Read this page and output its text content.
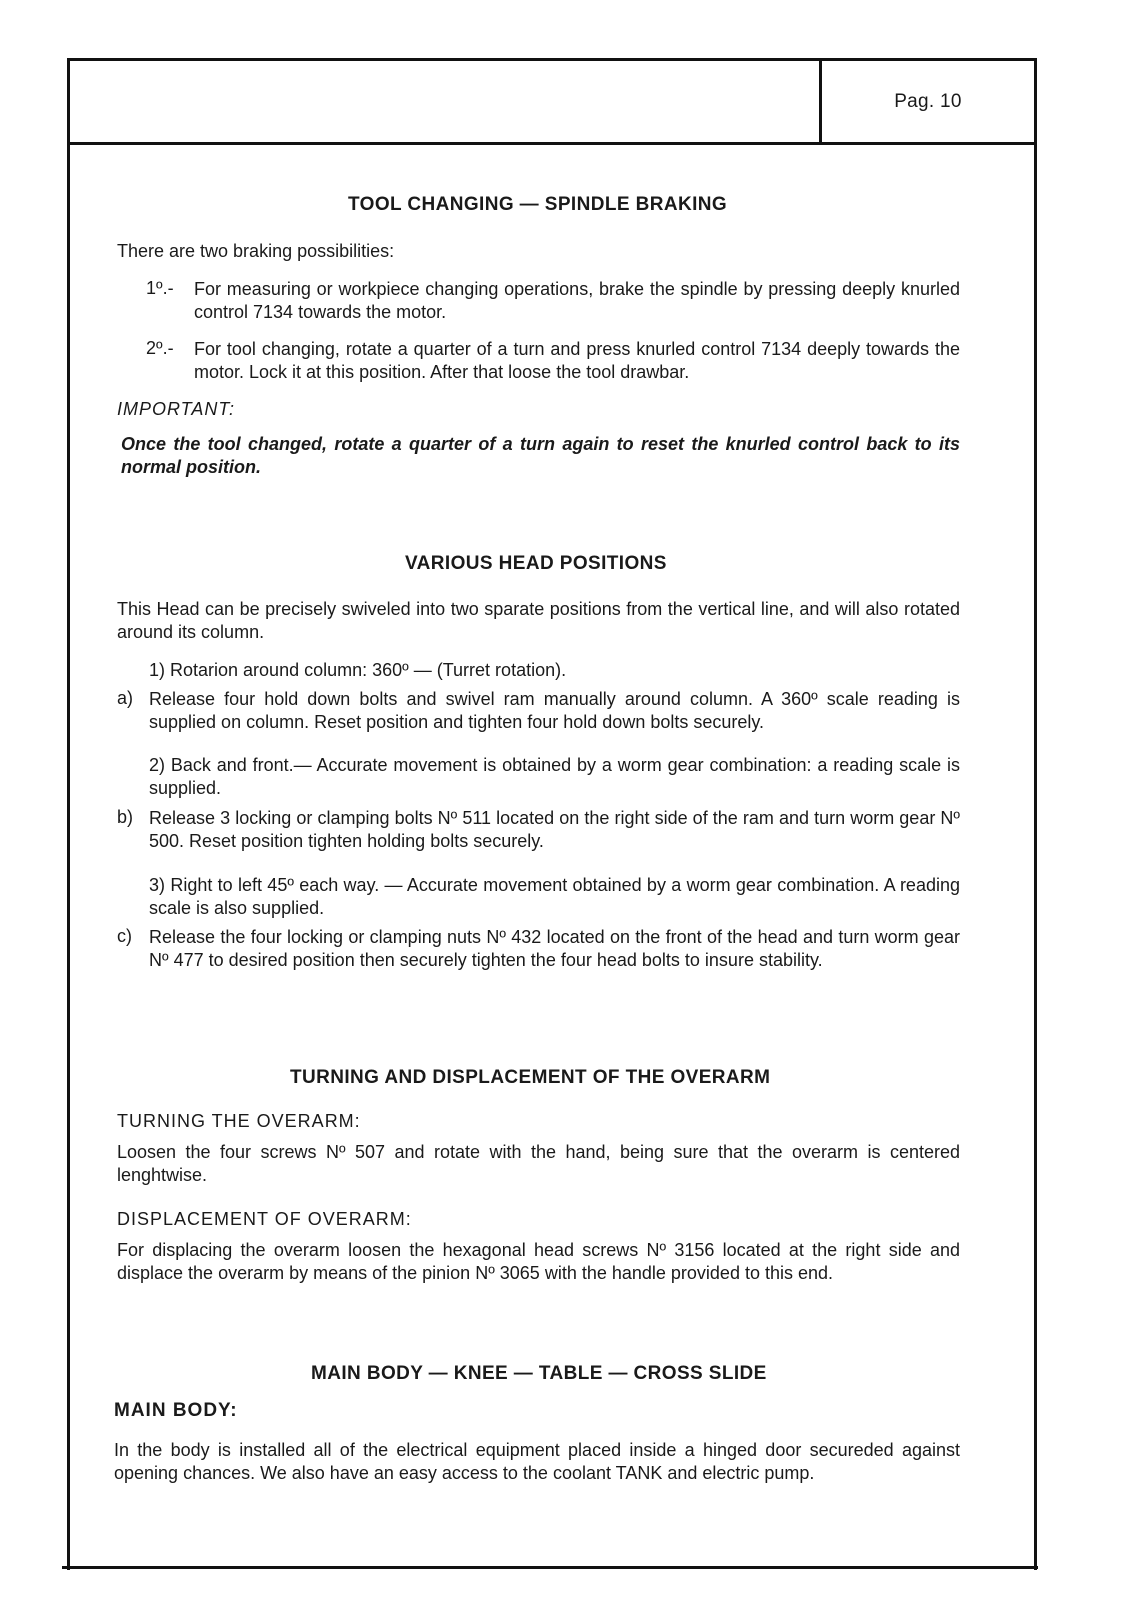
Pag. 10
TOOL CHANGING — SPINDLE BRAKING
There are two braking possibilities:
1º.- For measuring or workpiece changing operations, brake the spindle by pressing deeply knurled control 7134 towards the motor.
2º.- For tool changing, rotate a quarter of a turn and press knurled control 7134 deeply towards the motor. Lock it at this position. After that loose the tool drawbar.
IMPORTANT:
Once the tool changed, rotate a quarter of a turn again to reset the knurled control back to its normal position.
VARIOUS HEAD POSITIONS
This Head can be precisely swiveled into two sparate positions from the vertical line, and will also rotated around its column.
1) Rotarion around column: 360º — (Turret rotation).
a) Release four hold down bolts and swivel ram manually around column. A 360º scale reading is supplied on column. Reset position and tighten four hold down bolts securely.
2) Back and front.— Accurate movement is obtained by a worm gear combination: a reading scale is supplied.
b) Release 3 locking or clamping bolts Nº 511 located on the right side of the ram and turn worm gear Nº 500. Reset position tighten holding bolts securely.
3) Right to left 45º each way. — Accurate movement obtained by a worm gear combination. A reading scale is also supplied.
c) Release the four locking or clamping nuts Nº 432 located on the front of the head and turn worm gear Nº 477 to desired position then securely tighten the four head bolts to insure stability.
TURNING AND DISPLACEMENT OF THE OVERARM
TURNING THE OVERARM:
Loosen the four screws Nº 507 and rotate with the hand, being sure that the overarm is centered lenghtwise.
DISPLACEMENT OF OVERARM:
For displacing the overarm loosen the hexagonal head screws Nº 3156 located at the right side and displace the overarm by means of the pinion Nº 3065 with the handle provided to this end.
MAIN BODY — KNEE — TABLE — CROSS SLIDE
MAIN BODY:
In the body is installed all of the electrical equipment placed inside a hinged door secureded against opening chances. We also have an easy access to the coolant TANK and electric pump.
